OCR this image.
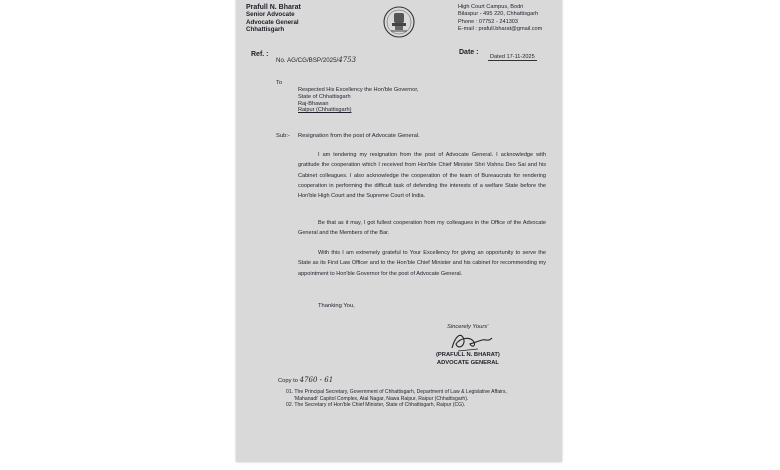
Prafull N. Bharat
Senior Advocate
Advocate General
Chhattisgarh
High Court Campus, Bodri
Bilaspur - 495 220, Chhattisgarh
Phone : 07752 - 241303
E-mail : prafull.bharat@gmail.com
Ref. :
No. AG/CG/BSP/2025/4753
Date :
Dated 17-11-2025
To
Respected His Excellency the Hon'ble Governor,
State of Chhattisgarh
Raj-Bhawan
Raipur (Chhattisgarh)
Sub:- Resignation from the post of Advocate General.
I am tendering my resignation from the post of Advocate General. I acknowledge with gratitude the cooperation which I received from Hon'ble Chief Minister Shri Vishnu Deo Sai and his Cabinet colleagues. I also acknowledge the cooperation of the team of Bureaucrats for rendering cooperation in performing the difficult task of defending the interests of a welfare State before the Hon'ble High Court and the Supreme Court of India.
Be that as it may, I got fullest cooperation from my colleagues in the Office of the Advocate General and the Members of the Bar.
With this I am extremely grateful to Your Excellency for giving an opportunity to serve the State as its First Law Officer and to the Hon'ble Chief Minister and his cabinet for recommending my appointment to Hon'ble Governor for the post of Advocate General.
Thanking You,
Sincerely Yours'
(PRAFULL N. BHARAT)
ADVOCATE GENERAL
Copy to 4760 - 61
01. The Principal Secretary, Government of Chhattisgarh, Department of Law & Legislative Affairs,
'Mahanadi' Capitol Complex, Atal Nagar, Nawa Raipur, Raipur (Chhattisgarh).
02. The Secretary of Hon'ble Chief Minister, State of Chhattisgarh, Raipur (CG).
